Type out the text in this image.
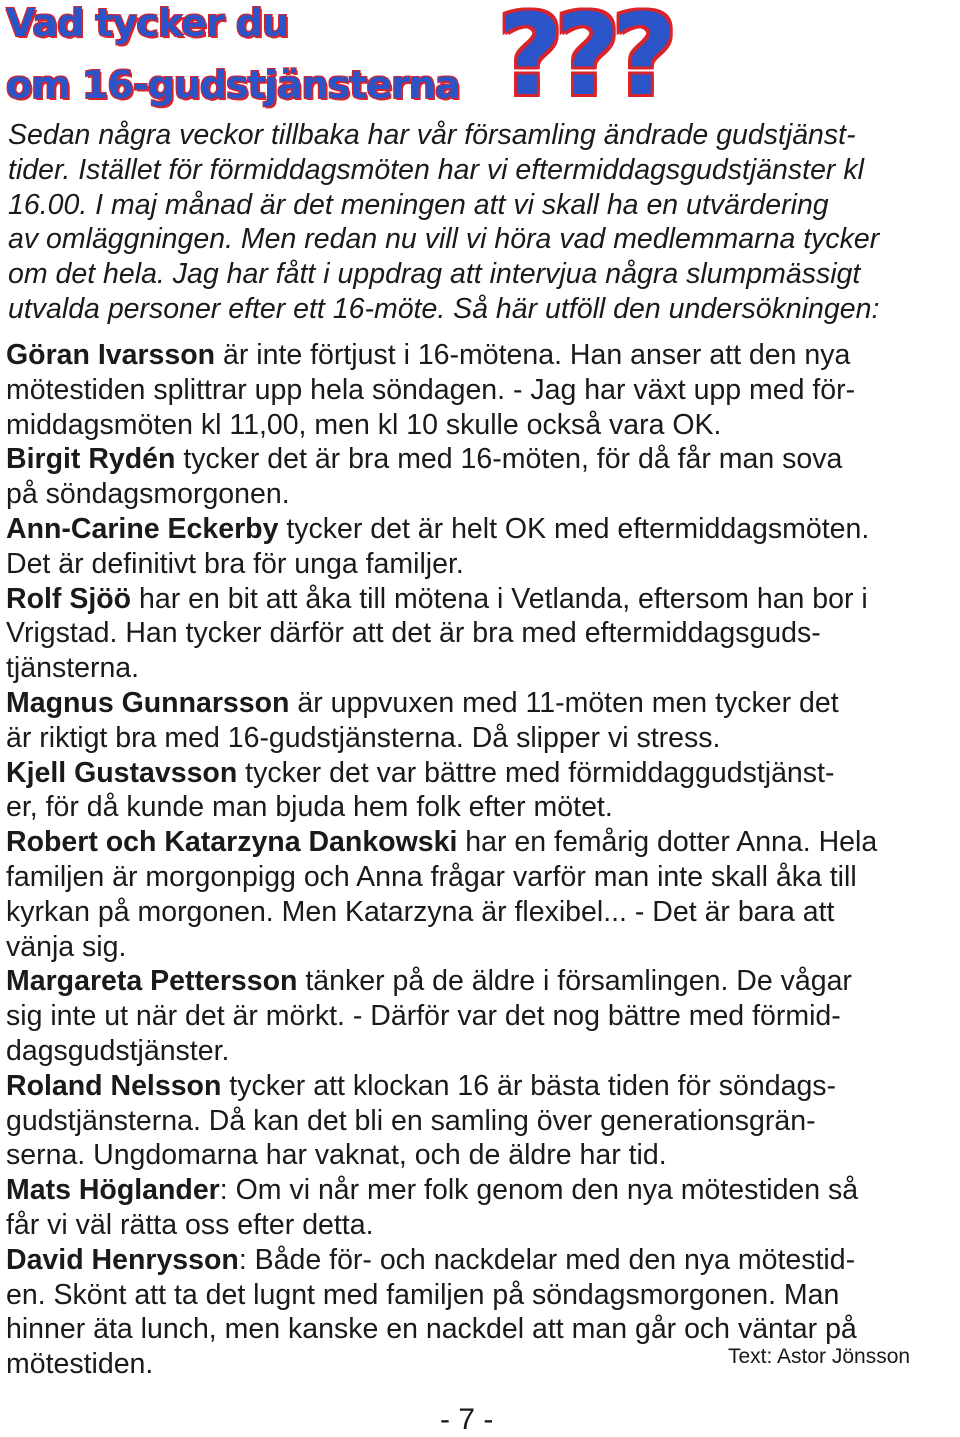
Vad tycker du
om 16-gudstjänsterna ???

Sedan några veckor tillbaka har vår församling ändrade gudstjänst-

tider. Istället för förmiddagsmöten har vi eftermiddagsgudstjänster kl

16.00. I maj månad är det meningen att vi skall ha en utvärdering

av omläggningen. Men redan nu vill vi höra vad medlemmarna tycker

om det hela. Jag har fått i uppdrag att intervjua några slumpmässigt

utvalda personer efter ett 16-möte. Så här utföll den undersökningen:

Göran Ivarsson är inte förtjust i 16-mötena. Han anser att den nya

mötestiden splittrar upp hela söndagen. - Jag har växt upp med för-

middagsmöten kl 11,00, men kl 10 skulle också vara OK.

Birgit Rydén tycker det är bra med 16-möten, för då får man sova

på söndagsmorgonen.

Ann-Carine Eckerby tycker det är helt OK med eftermiddagsmöten.

Det är definitivt bra för unga familjer.

Rolf Sjöö har en bit att åka till mötena i Vetlanda, eftersom han bor i

Vrigstad. Han tycker därför att det är bra med eftermiddagsguds-

tjänsterna.

Magnus Gunnarsson är uppvuxen med 11-möten men tycker det

är riktigt bra med 16-gudstjänsterna. Då slipper vi stress.

Kjell Gustavsson tycker det var bättre med förmiddaggudstjänst-

er, för då kunde man bjuda hem folk efter mötet.

Robert och Katarzyna Dankowski har en femårig dotter Anna. Hela

familjen är morgonpigg och Anna frågar varför man inte skall åka till

kyrkan på morgonen. Men Katarzyna är flexibel... - Det är bara att

vänja sig.

Margareta Pettersson tänker på de äldre i församlingen. De vågar

sig inte ut när det är mörkt. - Därför var det nog bättre med förmid-

dagsgudstjänster.

Roland Nelsson tycker att klockan 16 är bästa tiden för söndags-

gudstjänsterna. Då kan det bli en samling över generationsgrän-

serna. Ungdomarna har vaknat, och de äldre har tid.

Mats Höglander: Om vi når mer folk genom den nya mötestiden så

får vi väl rätta oss efter detta.

David Henrysson: Både för- och nackdelar med den nya mötestid-

en. Skönt att ta det lugnt med familjen på söndagsmorgonen. Man

hinner äta lunch, men kanske en nackdel att man går och väntar på

mötestiden.	Text: Astor Jönsson
- 7 -
